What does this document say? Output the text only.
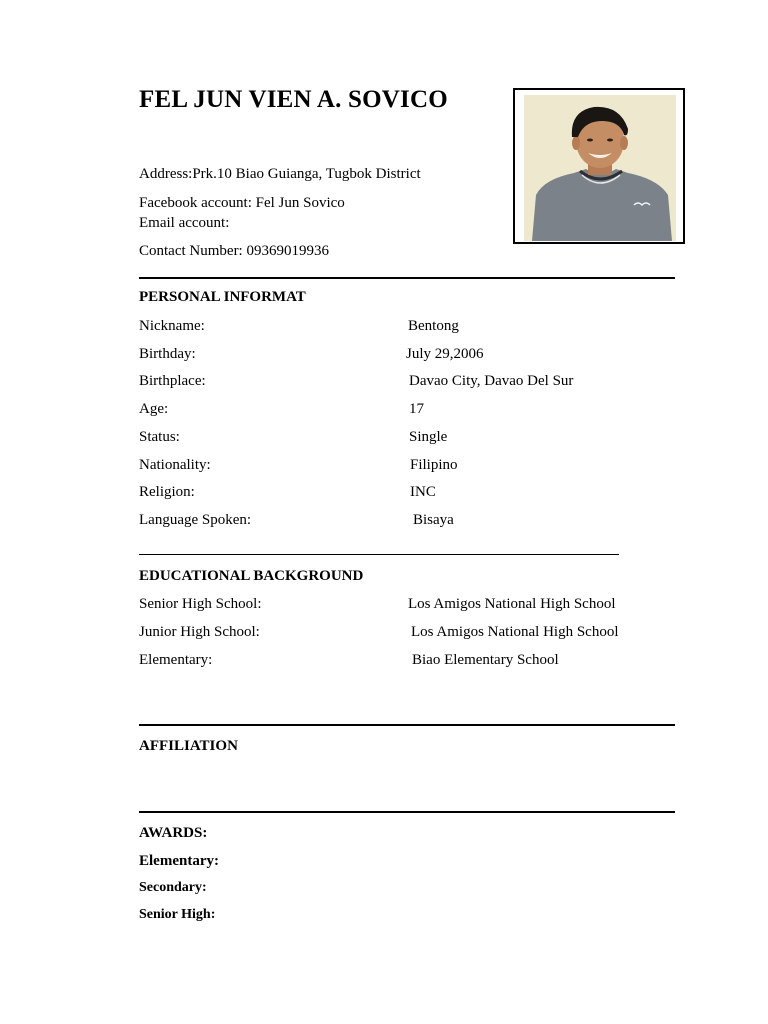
FEL JUN VIEN A. SOVICO
Address:Prk.10 Biao Guianga, Tugbok District
Facebook account: Fel Jun Sovico
Email account:
Contact Number: 09369019936
PERSONAL INFORMAT
Nickname:	Bentong
Birthday:	July 29,2006
Birthplace:	Davao City, Davao Del Sur
Age:	17
Status:	Single
Nationality:	Filipino
Religion:	INC
Language Spoken:	Bisaya
EDUCATIONAL BACKGROUND
Senior High School:	Los Amigos National High School
Junior High School:	Los Amigos National High School
Elementary:	Biao Elementary School
AFFILIATION
AWARDS:
Elementary:
Secondary:
Senior High:
